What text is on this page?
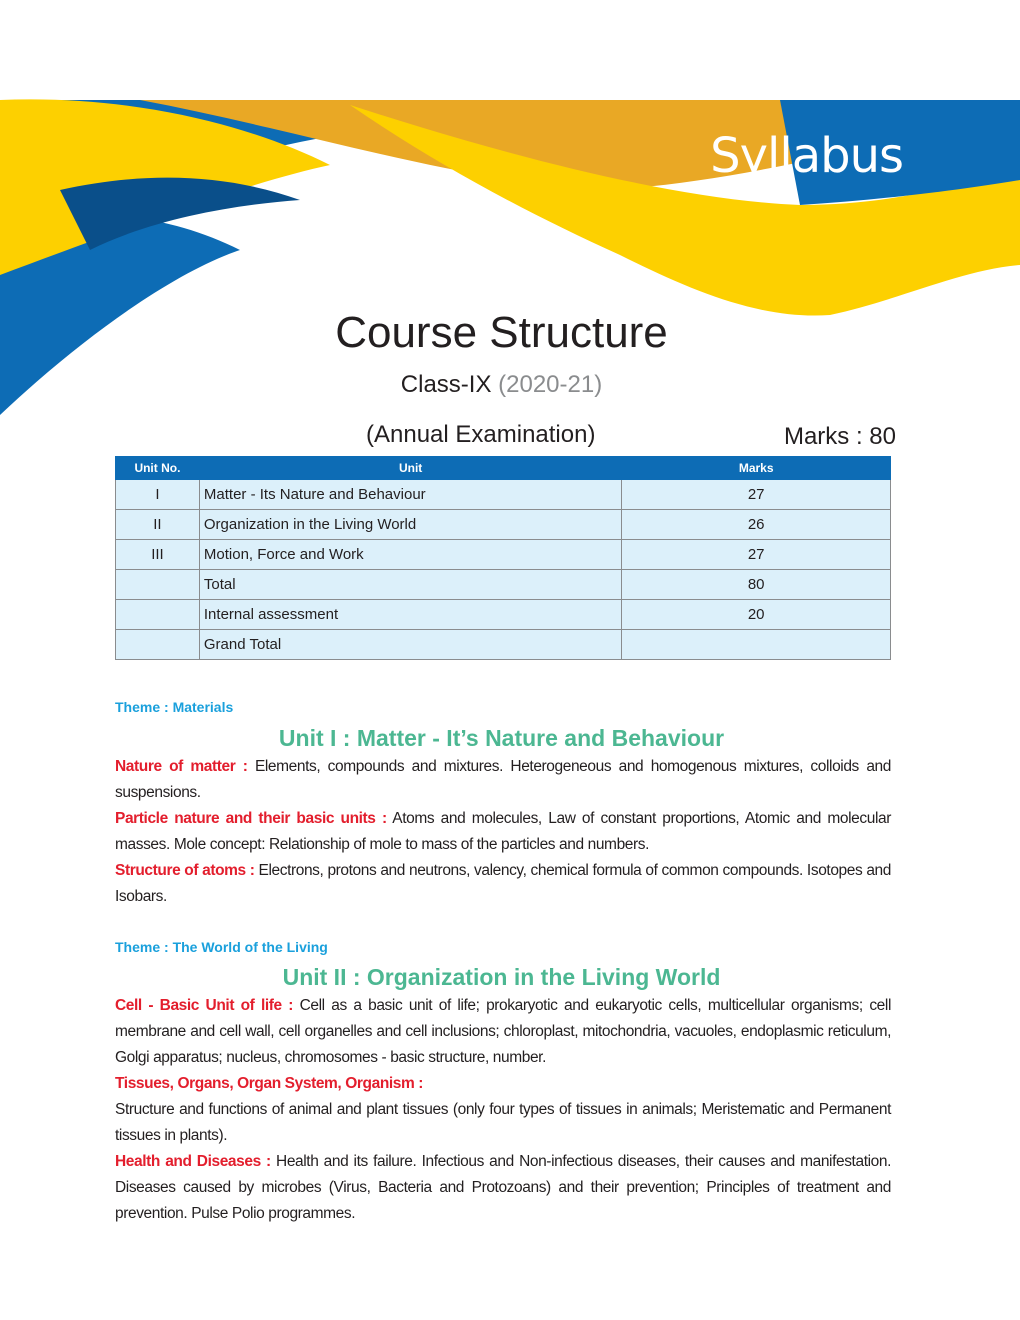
Syllabus
Course Structure
Class-IX (2020-21)
(Annual Examination)	Marks : 80
Unit No.	Unit	Marks
I	Matter - Its Nature and Behaviour	27
II	Organization in the Living World	26
III	Motion, Force and Work	27
	Total	80
	Internal assessment	20
	Grand Total	
Theme : Materials
Unit I : Matter - It’s Nature and Behaviour
Nature of matter : Elements, compounds and mixtures. Heterogeneous and homogenous mixtures, colloids and suspensions.
Particle nature and their basic units : Atoms and molecules, Law of constant proportions, Atomic and molecular masses. Mole concept: Relationship of mole to mass of the particles and numbers.
Structure of atoms : Electrons, protons and neutrons, valency, chemical formula of common compounds. Isotopes and Isobars.
Theme : The World of the Living
Unit II : Organization in the Living World
Cell - Basic Unit of life : Cell as a basic unit of life; prokaryotic and eukaryotic cells, multicellular organisms; cell membrane and cell wall, cell organelles and cell inclusions; chloroplast, mitochondria, vacuoles, endoplasmic reticulum, Golgi apparatus; nucleus, chromosomes - basic structure, number.
Tissues, Organs, Organ System, Organism :
Structure and functions of animal and plant tissues (only four types of tissues in animals; Meristematic and Permanent tissues in plants).
Health and Diseases : Health and its failure. Infectious and Non-infectious diseases, their causes and manifestation. Diseases caused by microbes (Virus, Bacteria and Protozoans) and their prevention; Principles of treatment and prevention. Pulse Polio programmes.
